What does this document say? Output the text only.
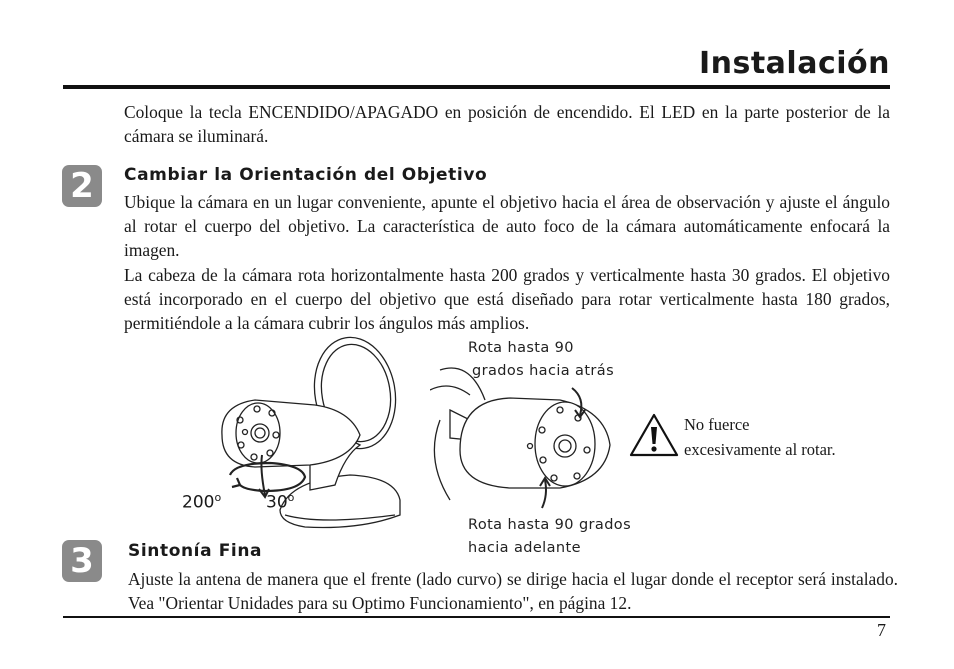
Instalación
Coloque la tecla ENCENDIDO/APAGADO en posición de encendido. El LED en la parte posterior de la cámara se iluminará.
2	Cambiar la Orientación del Objetivo
Ubique la cámara en un lugar conveniente, apunte el objetivo hacia el área de observación y ajuste el ángulo al rotar el cuerpo del objetivo. La característica de auto foco de la cámara automáticamente enfocará la imagen.
La cabeza de la cámara rota horizontalmente hasta 200 grados y verticalmente hasta 30 grados. El objetivo está incorporado en el cuerpo del objetivo que está diseñado para rotar verticalmente hasta 180 grados, permitiéndole a la cámara cubrir los ángulos más amplios.
200$^o$	30$^o$
Rota hasta 90
grados hacia atrás
Rota hasta 90 grados
hacia adelante
No fuerce
excesivamente al rotar.
3	Sintonía Fina
Ajuste la antena de manera que el frente (lado curvo) se dirige hacia el lugar donde el receptor será instalado. Vea "Orientar Unidades para su Optimo Funcionamiento", en página 12.
7
